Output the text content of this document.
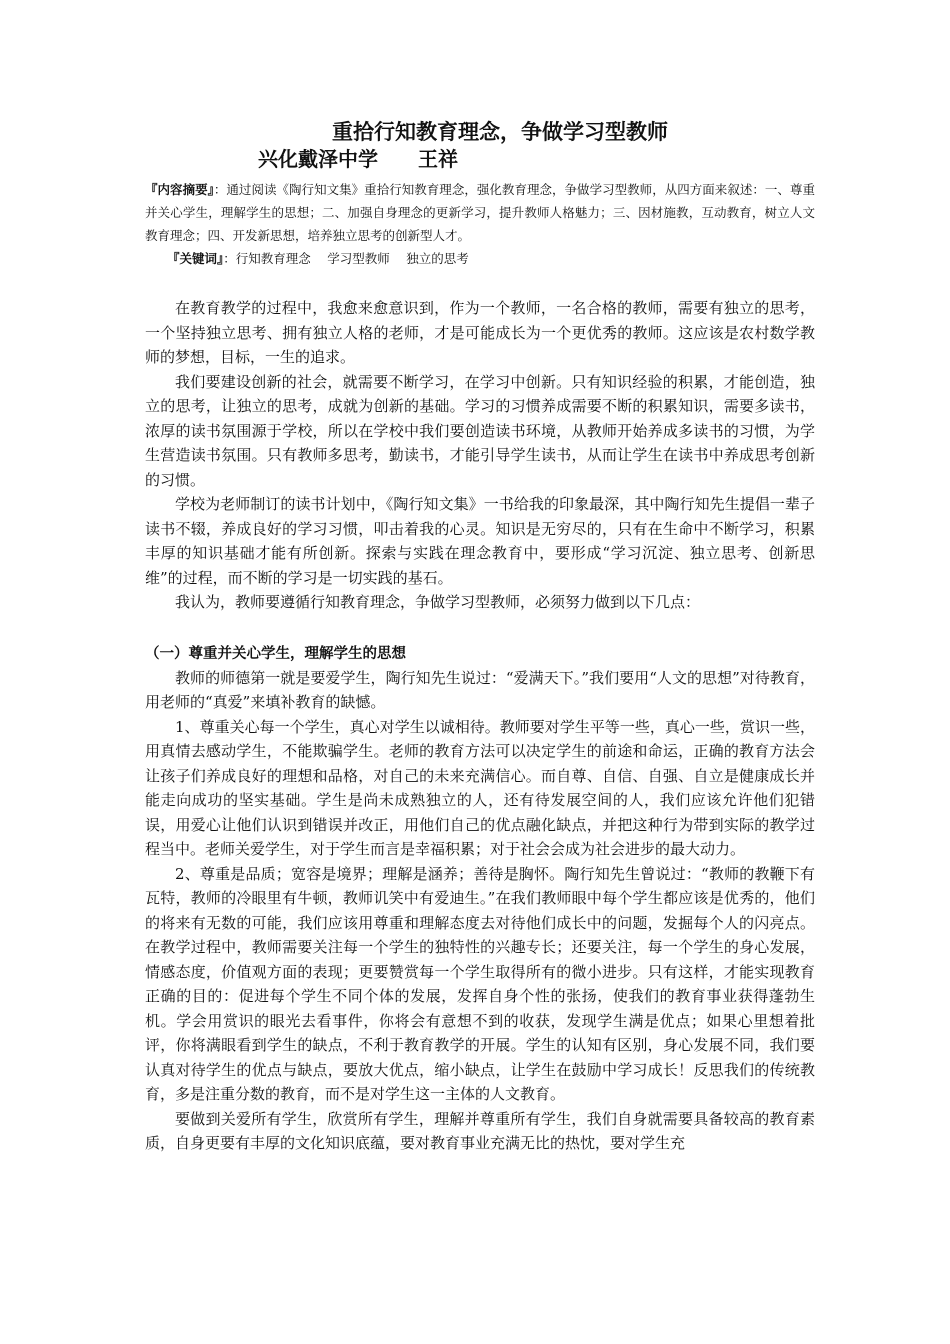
重拾行知教育理念，争做学习型教师
兴化戴泽中学　　王祥

『内容摘要』：通过阅读《陶行知文集》重拾行知教育理念，强化教育理念，争做学习型教师，从四方面来叙述：一、尊重并关心学生，理解学生的思想；二、加强自身理念的更新学习，提升教师人格魅力；三、因材施教，互动教育，树立人文教育理念；四、开发新思想，培养独立思考的创新型人才。

『关键词』：行知教育理念　 学习型教师　 独立的思考

在教育教学的过程中，我愈来愈意识到，作为一个教师，一名合格的教师，需要有独立的思考，一个坚持独立思考、拥有独立人格的老师，才是可能成长为一个更优秀的教师。这应该是农村数学教师的梦想，目标，一生的追求。

我们要建设创新的社会，就需要不断学习，在学习中创新。只有知识经验的积累，才能创造，独立的思考，让独立的思考，成就为创新的基础。学习的习惯养成需要不断的积累知识，需要多读书，浓厚的读书氛围源于学校，所以在学校中我们要创造读书环境，从教师开始养成多读书的习惯，为学生营造读书氛围。只有教师多思考，勤读书，才能引导学生读书，从而让学生在读书中养成思考创新的习惯。

学校为老师制订的读书计划中，《陶行知文集》一书给我的印象最深，其中陶行知先生提倡一辈子读书不辍，养成良好的学习习惯，叩击着我的心灵。知识是无穷尽的，只有在生命中不断学习，积累丰厚的知识基础才能有所创新。探索与实践在理念教育中，要形成“学习沉淀、独立思考、创新思维”的过程，而不断的学习是一切实践的基石。

我认为，教师要遵循行知教育理念，争做学习型教师，必须努力做到以下几点：

（一）尊重并关心学生，理解学生的思想

教师的师德第一就是要爱学生，陶行知先生说过：“爱满天下。”我们要用“人文的思想”对待教育，用老师的“真爱”来填补教育的缺憾。

1、尊重关心每一个学生，真心对学生以诚相待。教师要对学生平等一些，真心一些，赏识一些，用真情去感动学生，不能欺骗学生。老师的教育方法可以决定学生的前途和命运，正确的教育方法会让孩子们养成良好的理想和品格，对自己的未来充满信心。而自尊、自信、自强、自立是健康成长并能走向成功的坚实基础。学生是尚未成熟独立的人，还有待发展空间的人，我们应该允许他们犯错误，用爱心让他们认识到错误并改正，用他们自己的优点融化缺点，并把这种行为带到实际的教学过程当中。老师关爱学生，对于学生而言是幸福积累；对于社会会成为社会进步的最大动力。

2、尊重是品质；宽容是境界；理解是涵养；善待是胸怀。陶行知先生曾说过：“教师的教鞭下有瓦特，教师的冷眼里有牛顿，教师讥笑中有爱迪生。”在我们教师眼中每个学生都应该是优秀的，他们的将来有无数的可能，我们应该用尊重和理解态度去对待他们成长中的问题，发掘每个人的闪亮点。在教学过程中，教师需要关注每一个学生的独特性的兴趣专长；还要关注，每一个学生的身心发展，情感态度，价值观方面的表现；更要赞赏每一个学生取得所有的微小进步。只有这样，才能实现教育正确的目的：促进每个学生不同个体的发展，发挥自身个性的张扬，使我们的教育事业获得蓬勃生机。学会用赏识的眼光去看事件，你将会有意想不到的收获，发现学生满是优点；如果心里想着批评，你将满眼看到学生的缺点，不利于教育教学的开展。学生的认知有区别，身心发展不同，我们要认真对待学生的优点与缺点，要放大优点，缩小缺点，让学生在鼓励中学习成长！反思我们的传统教育，多是注重分数的教育，而不是对学生这一主体的人文教育。

要做到关爱所有学生，欣赏所有学生，理解并尊重所有学生，我们自身就需要具备较高的教育素质，自身更要有丰厚的文化知识底蕴，要对教育事业充满无比的热忱，要对学生充
